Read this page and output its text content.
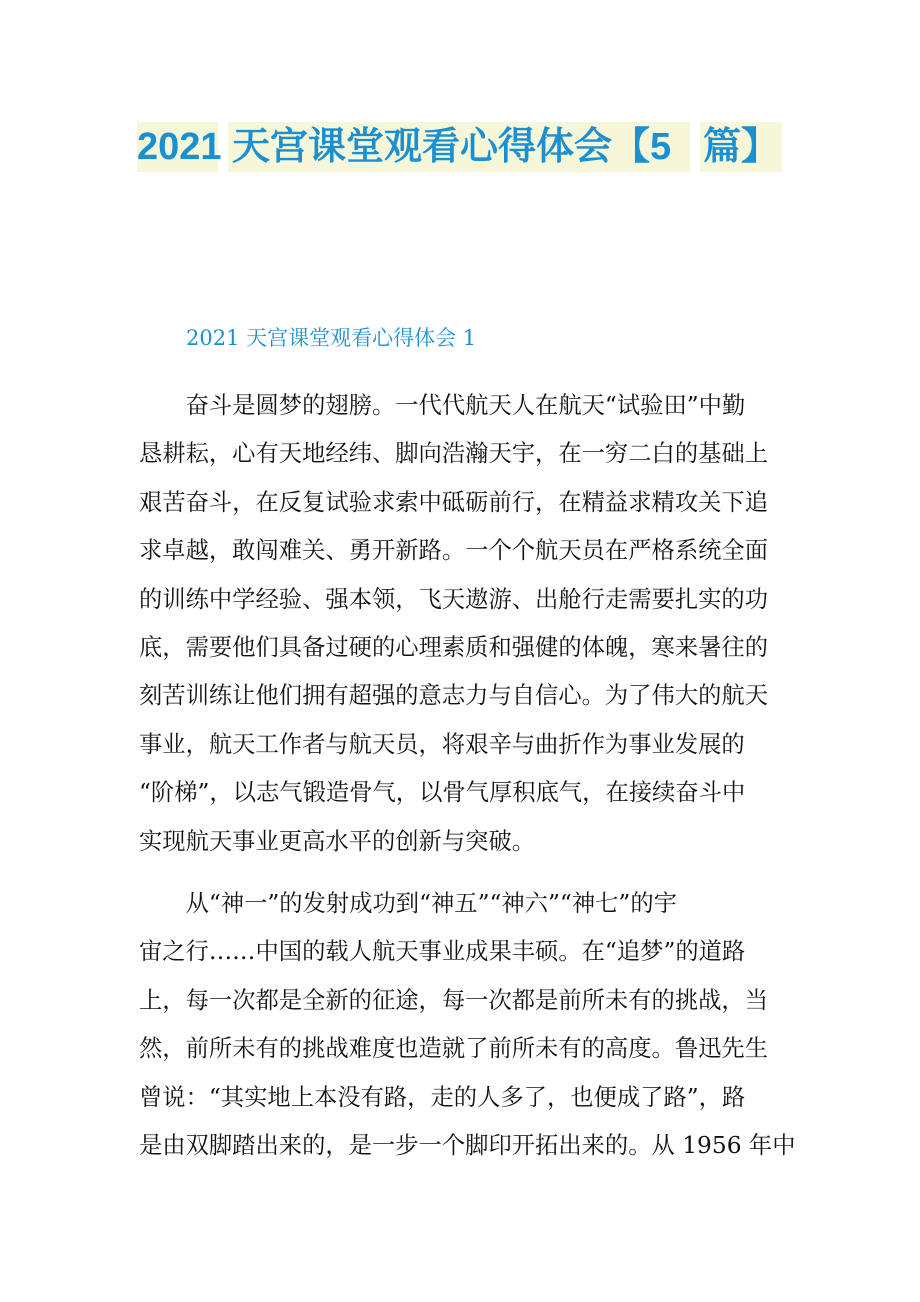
2021 天宫课堂观看心得体会【5 篇】
2021 天宫课堂观看心得体会 1
　　奋斗是圆梦的翅膀。一代代航天人在航天“试验田”中勤
恳耕耘，心有天地经纬、脚向浩瀚天宇，在一穷二白的基础上
艰苦奋斗，在反复试验求索中砥砺前行，在精益求精攻关下追
求卓越，敢闯难关、勇开新路。一个个航天员在严格系统全面
的训练中学经验、强本领，飞天遨游、出舱行走需要扎实的功
底，需要他们具备过硬的心理素质和强健的体魄，寒来暑往的
刻苦训练让他们拥有超强的意志力与自信心。为了伟大的航天
事业，航天工作者与航天员，将艰辛与曲折作为事业发展的
“阶梯”，以志气锻造骨气，以骨气厚积底气，在接续奋斗中
实现航天事业更高水平的创新与突破。
　　从“神一”的发射成功到“神五”“神六”“神七”的宇
宙之行……中国的载人航天事业成果丰硕。在“追梦”的道路
上，每一次都是全新的征途，每一次都是前所未有的挑战，当
然，前所未有的挑战难度也造就了前所未有的高度。鲁迅先生
曾说：“其实地上本没有路，走的人多了，也便成了路”，路
是由双脚踏出来的，是一步一个脚印开拓出来的。从 1956 年中
